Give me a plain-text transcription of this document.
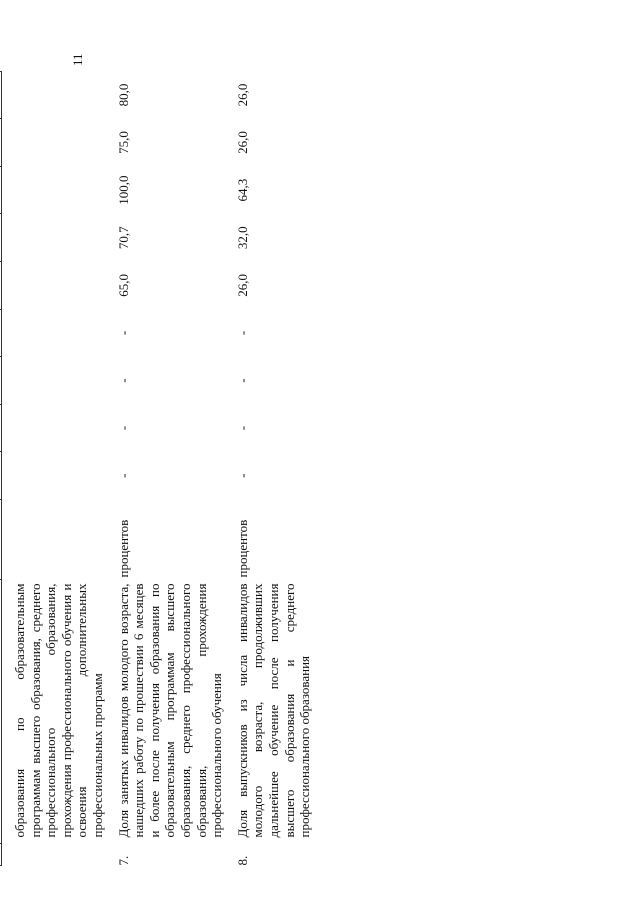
11

	образования по образовательным программам высшего образования, среднего профессионального образования, прохождения профессионального обучения и освоения дополнительных профессиональных программ										
7.	Доля занятых инвалидов молодого возраста, нашедших работу по прошествии 6 месяцев и более после получения образования по образовательным программам высшего образования, среднего профессионального образования, прохождения профессионального обучения	процентов	-	-	-	-	65,0	70,7	100,0	75,0	80,0
8.	Доля выпускников из числа инвалидов молодого возраста, продолживших дальнейшее обучение после получения высшего образования и среднего профессионального образования	процентов	-	-	-	-	26,0	32,0	64,3	26,0	26,0
